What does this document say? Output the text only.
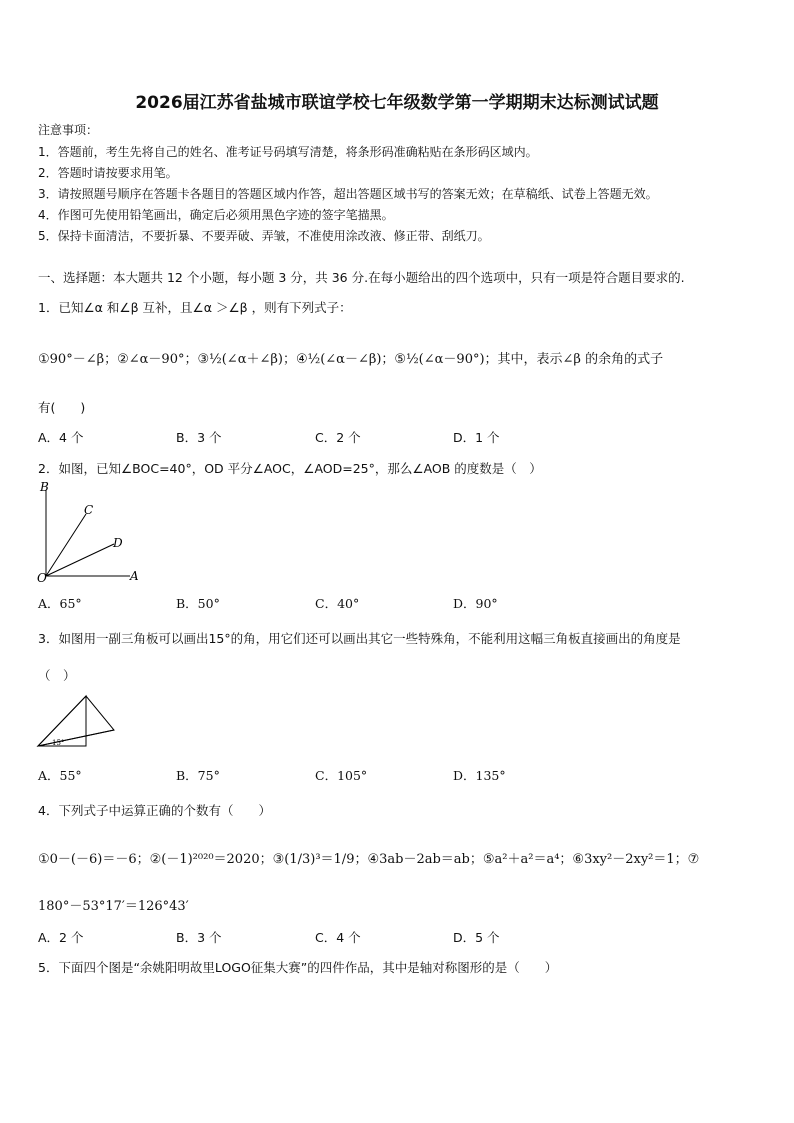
2026届江苏省盐城市联谊学校七年级数学第一学期期末达标测试试题
注意事项：
1．答题前，考生先将自己的姓名、准考证号码填写清楚，将条形码准确粘贴在条形码区域内。
2．答题时请按要求用笔。
3．请按照题号顺序在答题卡各题目的答题区域内作答，超出答题区域书写的答案无效；在草稿纸、试卷上答题无效。
4．作图可先使用铅笔画出，确定后必须用黑色字迹的签字笔描黑。
5．保持卡面清洁，不要折暴、不要弄破、弄皱，不准使用涂改液、修正带、刮纸刀。
一、选择题：本大题共 12 个小题，每小题 3 分，共 36 分.在每小题给出的四个选项中，只有一项是符合题目要求的.
1．已知∠α 和∠β 互补，且∠α ＞∠β ，则有下列式子：
①90°－∠β；②∠α－90°；③½(∠α＋∠β)；④½(∠α－∠β)；⑤½(∠α－90°)；其中，表示∠β 的余角的式子
有(　　)
A．4 个	B．3 个	C．2 个	D．1 个
2．如图，已知∠BOC=40°，OD 平分∠AOC，∠AOD=25°，那么∠AOB 的度数是（　）
B
C
D
O	A
A．65°	B．50°	C．40°	D．90°
3．如图用一副三角板可以画出15°的角，用它们还可以画出其它一些特殊角，不能利用这幅三角板直接画出的角度是
（　）
15°
A．55°	B．75°	C．105°	D．135°
4．下列式子中运算正确的个数有（　　）
①0－(－6)＝－6；②(－1)²⁰²⁰＝2020；③(1/3)³＝1/9；④3ab－2ab＝ab；⑤a²＋a²＝a⁴；⑥3xy²－2xy²＝1；⑦
180°－53°17′＝126°43′
A．2 个	B．3 个	C．4 个	D．5 个
5．下面四个图是“余姚阳明故里LOGO征集大赛”的四件作品，其中是轴对称图形的是（　　）
